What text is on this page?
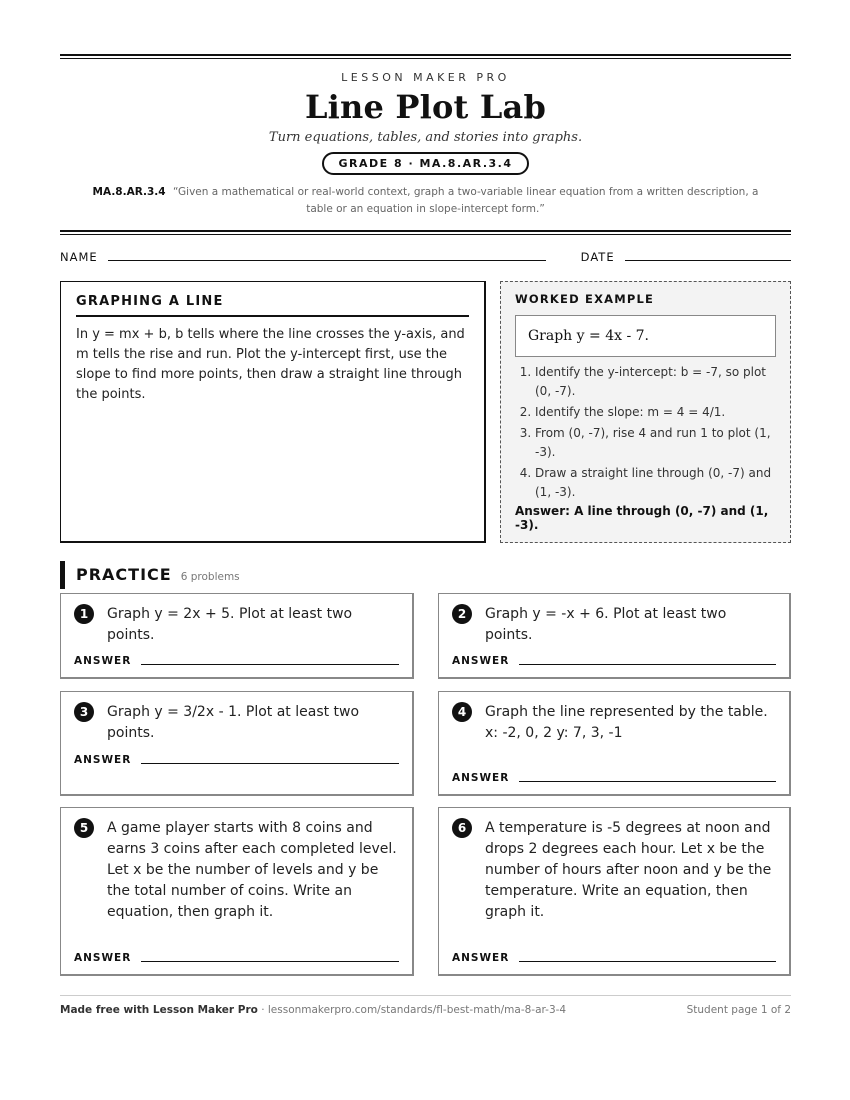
LESSON MAKER PRO
Line Plot Lab
Turn equations, tables, and stories into graphs.
GRADE 8 · MA.8.AR.3.4
MA.8.AR.3.4 “Given a mathematical or real-world context, graph a two-variable linear equation from a written description, a table or an equation in slope-intercept form.”
NAME	DATE
GRAPHING A LINE
In y = mx + b, b tells where the line crosses the y-axis, and m tells the rise and run. Plot the y-intercept first, use the slope to find more points, then draw a straight line through the points.
WORKED EXAMPLE
Graph y = 4x - 7.
1. Identify the y-intercept: b = -7, so plot (0, -7).
2. Identify the slope: m = 4 = 4/1.
3. From (0, -7), rise 4 and run 1 to plot (1, -3).
4. Draw a straight line through (0, -7) and (1, -3).
Answer: A line through (0, -7) and (1, -3).
PRACTICE 6 problems
1	Graph y = 2x + 5. Plot at least two points.
ANSWER
2	Graph y = -x + 6. Plot at least two points.
ANSWER
3	Graph y = 3/2x - 1. Plot at least two points.
ANSWER
4	Graph the line represented by the table. x: -2, 0, 2 y: 7, 3, -1
ANSWER
5	A game player starts with 8 coins and earns 3 coins after each completed level. Let x be the number of levels and y be the total number of coins. Write an equation, then graph it.
ANSWER
6	A temperature is -5 degrees at noon and drops 2 degrees each hour. Let x be the number of hours after noon and y be the temperature. Write an equation, then graph it.
ANSWER
Made free with Lesson Maker Pro · lessonmakerpro.com/standards/fl-best-math/ma-8-ar-3-4	Student page 1 of 2
